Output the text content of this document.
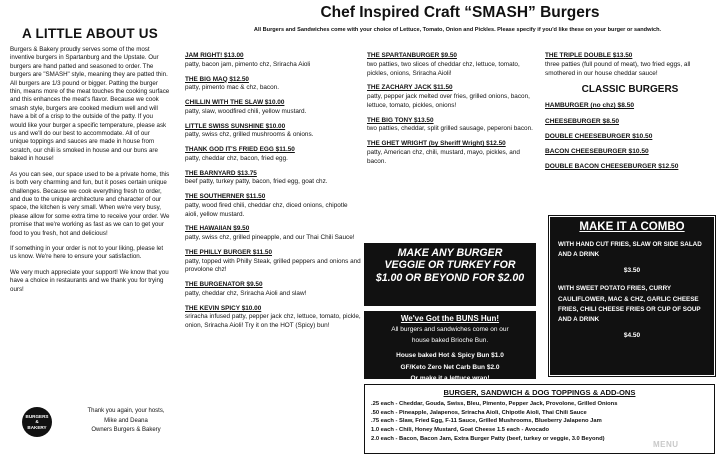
A LITTLE ABOUT US

Burgers & Bakery proudly serves some of the most inventive burgers in Spartanburg and the Upstate. Our burgers are hand patted and seasoned to order. The burgers are "SMASH" style, meaning they are patted thin. All burgers are 1/3 pound or bigger. Patting the burger thin, means more of the meat touches the cooking surface and this enhances the meat's flavor. Because we cook smash style, burgers are cooked medium well and will have a bit of a crisp to the outside of the patty. If you would like your burger a specific temperature, please ask us and we'll do our best to accommodate. All of our unique toppings and sauces are made in house from scratch, our chili is smoked in house and our buns are baked in house!

As you can see, our space used to be a private home, this is both very charming and fun, but it poses certain unique challenges. Because we cook everything fresh to order, and due to the unique architecture and character of our space, the kitchen is very small. When we're very busy, please allow for some extra time to receive your order. We promise that we're working as fast as we can to get your food to you fresh, hot and delicious!

If something in your order is not to your liking, please let us know. We're here to ensure your satisfaction.

We very much appreciate your support! We know that you have a choice in restaurants and we thank you for trying ours!

BURGERS
&
BAKERY
Thank you again, your hosts,
Mike and Deana
Owners Burgers & Bakery
Chef Inspired Craft “SMASH” Burgers
All Burgers and Sandwiches come with your choice of Lettuce, Tomato, Onion and Pickles. Please specify if you'd like these on your burger or sandwich.
JAM RIGHT! $13.00
patty, bacon jam, pimento chz, Sriracha Aioli
THE BIG MAQ $12.50
patty, pimento mac & chz, bacon.
CHILLIN WITH THE SLAW $10.00
patty, slaw, woodfired chili, yellow mustard.
LITTLE SWISS SUNSHINE $10.00
patty, swiss chz, grilled mushrooms & onions.
THANK GOD IT'S FRIED EGG $11.50
patty, cheddar chz, bacon, fried egg.
THE BARNYARD $13.75
beef patty, turkey patty, bacon, fried egg, goat chz.
THE SOUTHERNER $11.50
patty, wood fired chili, cheddar chz, diced onions, chipotle aioli, yellow mustard.
THE HAWAIIAN $9.50
patty, swiss chz, grilled pineapple, and our Thai Chili Sauce!
THE PHILLY BURGER $11.50
patty, topped with Philly Steak, grilled peppers and onions and provolone chz!
THE BURGENATOR $9.50
patty, cheddar chz, Sriracha Aioli and slaw!
THE KEVIN SPICY $10.00
sriracha infused patty, pepper jack chz, lettuce, tomato, pickle, onion, Sriracha Aioli! Try it on the HOT (Spicy) bun!
THE SPARTANBURGER $9.50
two patties, two slices of cheddar chz, lettuce, tomato, pickles, onions, Sriracha Aioli!
THE ZACHARY JACK $11.50
patty, pepper jack melted over fries, grilled onions, bacon, lettuce, tomato, pickles, onions!
THE BIG TONY $13.50
two patties, cheddar, split grilled sausage, peperoni bacon.
THE GHET WRIGHT (by Sheriff Wright) $12.50
patty, American chz, chili, mustard, mayo, pickles, and bacon.
THE TRIPLE DOUBLE $13.50
three patties (full pound of meat), two fried eggs, all smothered in our house cheddar sauce!
CLASSIC BURGERS
HAMBURGER (no chz) $8.50
CHEESEBURGER $8.50
DOUBLE CHEESEBURGER $10.50
BACON CHEESEBURGER $10.50
DOUBLE BACON CHEESEBURGER $12.50
MAKE ANY BURGER
VEGGIE OR TURKEY FOR
$1.00 OR BEYOND FOR $2.00
We've Got the BUNS Hun!
All burgers and sandwiches come on our
house baked Brioche Bun.
House baked Hot & Spicy Bun $1.0
GF/Keto Zero Net Carb Bun $2.0
Or make it a lettuce wrap!
MAKE IT A COMBO
WITH HAND CUT FRIES, SLAW OR SIDE SALAD AND A DRINK
$3.50
WITH SWEET POTATO FRIES, CURRY CAULIFLOWER, MAC & CHZ, GARLIC CHEESE FRIES, CHILI CHEESE FRIES OR CUP OF SOUP AND A DRINK
$4.50
BURGER, SANDWICH & DOG TOPPINGS & ADD-ONS
.25 each - Cheddar, Gouda, Swiss, Bleu, Pimento, Pepper Jack, Provolone, Grilled Onions
.50 each - Pineapple, Jalapenos, Sriracha Aioli, Chipotle Aioli, Thai Chili Sauce
.75 each - Slaw, Fried Egg, F-11 Sauce, Grilled Mushrooms, Blueberry Jalapeno Jam
1.0 each - Chili, Honey Mustard, Goat Cheese 1.5 each - Avocado
2.0 each - Bacon, Bacon Jam, Extra Burger Patty (beef, turkey or veggie, 3.0 Beyond)
MENU
